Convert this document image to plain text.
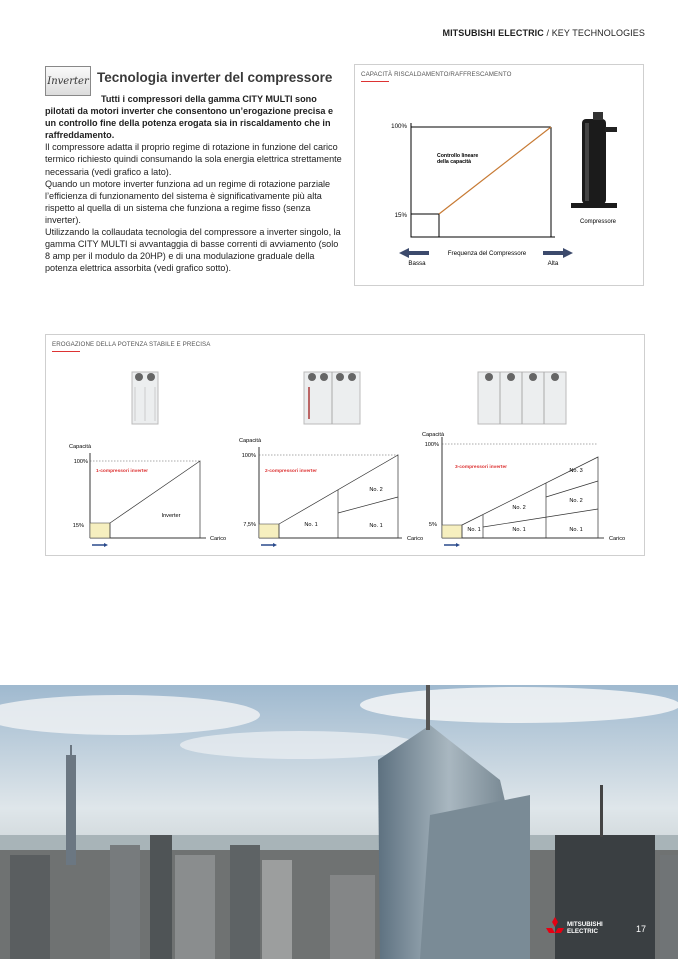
MITSUBISHI ELECTRIC / KEY TECHNOLOGIES
Inverter Tecnologia inverter del compressore
Tutti i compressori della gamma CITY MULTI sono pilotati da motori inverter che consentono un’erogazione precisa e un controllo fine della potenza erogata sia in riscaldamento che in raffreddamento.

Il compressore adatta il proprio regime di rotazione in funzione del carico termico richiesto quindi consumando la sola energia elettrica strettamente necessaria (vedi grafico a lato).

Quando un motore inverter funziona ad un regime di rotazione parziale l’efficienza di funzionamento del sistema è significativamente più alta rispetto al quella di un sistema che funziona a regime fisso (senza inverter).

Utilizzando la collaudata tecnologia del compressore a inverter singolo, la gamma CITY MULTI si avvantaggia di basse correnti di avviamento (solo 8 amp per il modulo da 20HP) e di una modulazione graduale della potenza elettrica assorbita (vedi grafico sotto).

CAPACITÀ RISCALDAMENTO/RAFFRESCAMENTO
100%
15%
Controllo lineare
della capacità
Frequenza del Compressore
Bassa	Alta
Compressore
EROGAZIONE DELLA POTENZA STABILE E PRECISA
Capacità
100%
15%
1-compressori inverter
Inverter
Carico
Capacità
100%
7,5%
2-compressori inverter
No. 1	No. 1
No. 2
Carico
Capacità
100%
5%
3-compressori inverter
No. 1	No. 1	No. 1
No. 2
No. 2
No. 3
Carico
MITSUBISHI
ELECTRIC	17
